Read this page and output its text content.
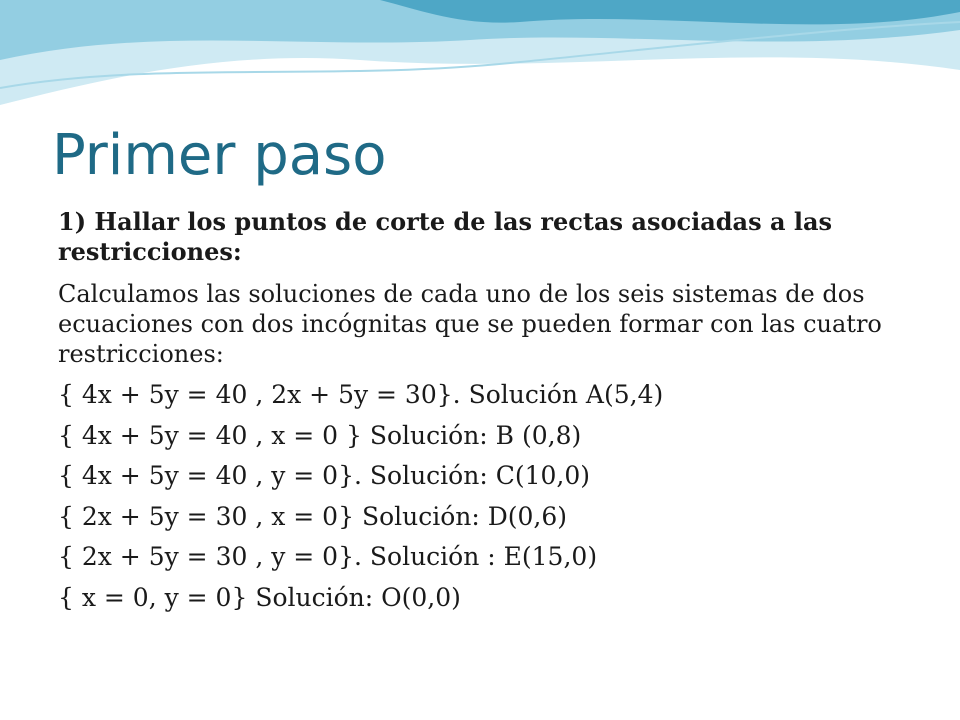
Primer paso

1) Hallar los puntos de corte de las rectas asociadas a las restricciones:

Calculamos las soluciones de cada uno de los seis sistemas de dos ecuaciones con dos incógnitas que se pueden formar con las cuatro restricciones:

{ 4x + 5y = 40 , 2x + 5y = 30}. Solución A(5,4)
{ 4x + 5y = 40 , x = 0 } Solución: B (0,8)
{ 4x + 5y = 40 , y = 0}. Solución: C(10,0)
{ 2x + 5y = 30 , x = 0} Solución: D(0,6)
{ 2x + 5y = 30 , y = 0}. Solución : E(15,0)
{ x = 0, y = 0} Solución: O(0,0)
